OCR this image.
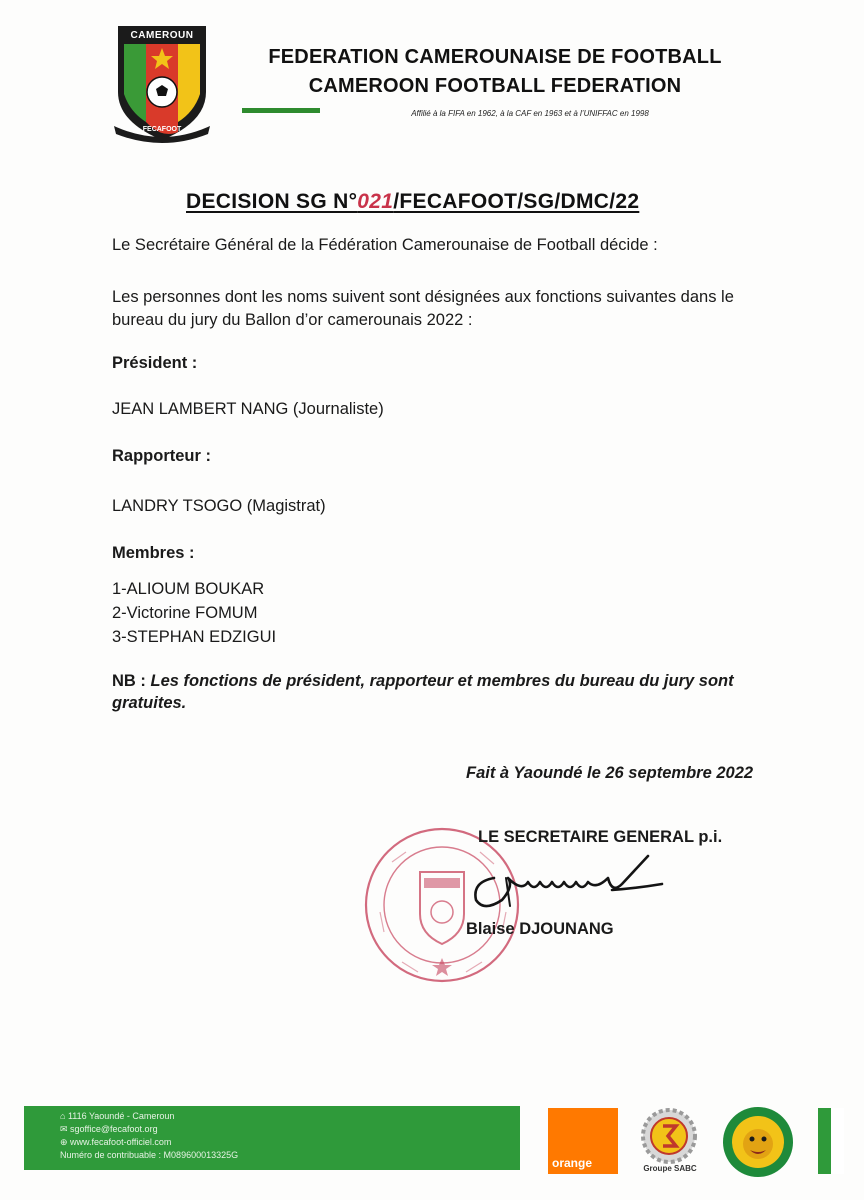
CAMEROUN
FECAFOOT
FEDERATION CAMEROUNAISE DE FOOTBALL
CAMEROON FOOTBALL FEDERATION
Affilié à la FIFA en 1962, à la CAF en 1963 et à l’UNIFFAC en 1998
DECISION SG N°021/FECAFOOT/SG/DMC/22
Le Secrétaire Général de la Fédération Camerounaise de Football décide :
Les personnes dont les noms suivent sont désignées aux fonctions suivantes dans le bureau du jury du Ballon d’or camerounais 2022 :
Président :
JEAN LAMBERT NANG (Journaliste)
Rapporteur :
LANDRY TSOGO (Magistrat)
Membres :
1-ALIOUM BOUKAR
2-Victorine FOMUM
3-STEPHAN EDZIGUI
NB : Les fonctions de président, rapporteur et membres du bureau du jury sont gratuites.
Fait à Yaoundé le 26 septembre 2022
LE SECRETAIRE GENERAL p.i.
Blaise DJOUNANG
⌂ 1116 Yaoundé - Cameroun
✉ sgoffice@fecafoot.org
⊕ www.fecafoot-officiel.com
Numéro de contribuable : M089600013325G
orange	Groupe SABC
